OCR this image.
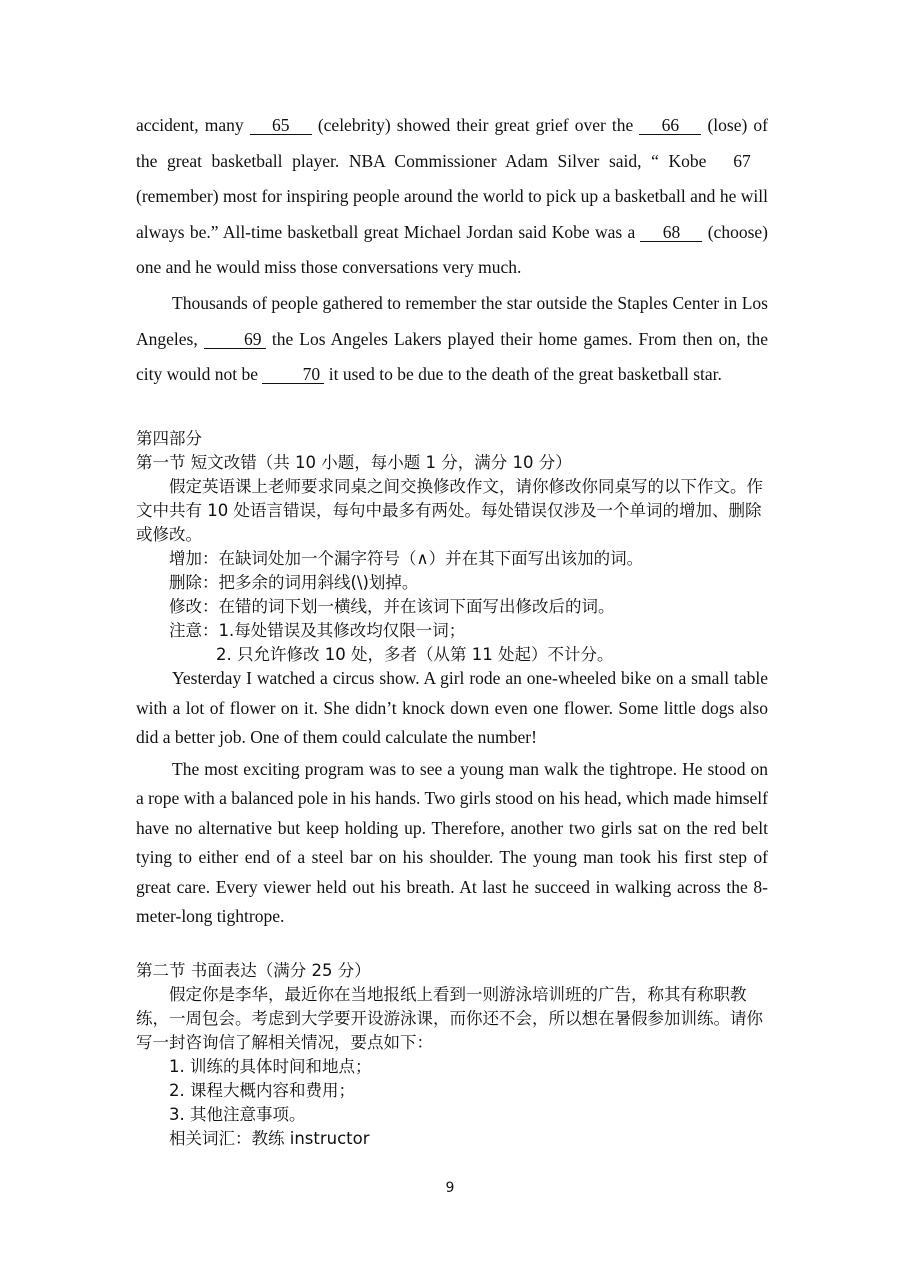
accident, many 65 (celebrity) showed their great grief over the 66 (lose) of the great basketball player. NBA Commissioner Adam Silver said, “ Kobe 67 (remember) most for inspiring people around the world to pick up a basketball and he will always be.” All-time basketball great Michael Jordan said Kobe was a 68 (choose) one and he would miss those conversations very much.

Thousands of people gathered to remember the star outside the Staples Center in Los Angeles, 69 the Los Angeles Lakers played their home games. From then on, the city would not be 70 it used to be due to the death of the great basketball star.

第四部分

第一节 短文改错（共 10 小题，每小题 1 分，满分 10 分）

假定英语课上老师要求同桌之间交换修改作文，请你修改你同桌写的以下作文。作文中共有 10 处语言错误，每句中最多有两处。每处错误仅涉及一个单词的增加、删除或修改。

增加：在缺词处加一个漏字符号（∧）并在其下面写出该加的词。

删除：把多余的词用斜线(\)划掉。

修改：在错的词下划一横线，并在该词下面写出修改后的词。

注意：1.每处错误及其修改均仅限一词；

2. 只允许修改 10 处，多者（从第 11 处起）不计分。

Yesterday I watched a circus show. A girl rode an one-wheeled bike on a small table with a lot of flower on it. She didn’t knock down even one flower. Some little dogs also did a better job. One of them could calculate the number!

The most exciting program was to see a young man walk the tightrope. He stood on a rope with a balanced pole in his hands. Two girls stood on his head, which made himself have no alternative but keep holding up. Therefore, another two girls sat on the red belt tying to either end of a steel bar on his shoulder. The young man took his first step of great care. Every viewer held out his breath. At last he succeed in walking across the 8-meter-long tightrope.

第二节 书面表达（满分 25 分）

假定你是李华，最近你在当地报纸上看到一则游泳培训班的广告，称其有称职教练，一周包会。考虑到大学要开设游泳课，而你还不会，所以想在暑假参加训练。请你写一封咨询信了解相关情况，要点如下：

1. 训练的具体时间和地点；

2. 课程大概内容和费用；

3. 其他注意事项。

相关词汇：教练 instructor

9
